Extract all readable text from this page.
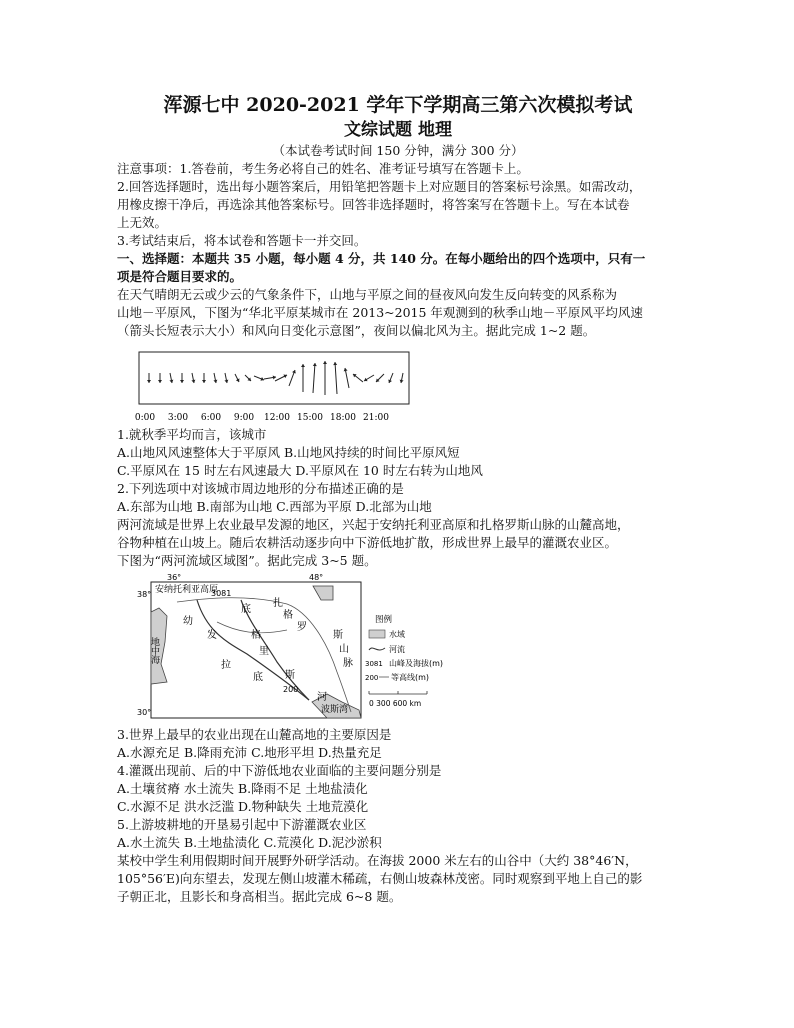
浑源七中 2020-2021 学年下学期高三第六次模拟考试
文综试题 地理
（本试卷考试时间 150 分钟，满分 300 分）

注意事项：1.答卷前，考生务必将自己的姓名、准考证号填写在答题卡上。

2.回答选择题时，选出每小题答案后，用铅笔把答题卡上对应题目的答案标号涂黑。如需改动，

用橡皮擦干净后，再选涂其他答案标号。回答非选择题时，将答案写在答题卡上。写在本试卷

上无效。

3.考试结束后，将本试卷和答题卡一并交回。

一、选择题：本题共 35 小题，每小题 4 分，共 140 分。在每小题给出的四个选项中，只有一

项是符合题目要求的。

在天气晴朗无云或少云的气象条件下，山地与平原之间的昼夜风向发生反向转变的风系称为

山地－平原风，下图为“华北平原某城市在 2013~2015 年观测到的秋季山地－平原风平均风速

（箭头长短表示大小）和风向日变化示意图”，夜间以偏北风为主。据此完成 1~2 题。

0:00 3:00 6:00 9:00 12:00 15:00 18:00 21:00

1.就秋季平均而言，该城市

A.山地风风速整体大于平原风 B.山地风持续的时间比平原风短

C.平原风在 15 时左右风速最大 D.平原风在 10 时左右转为山地风

2.下列选项中对该城市周边地形的分布描述正确的是

A.东部为山地 B.南部为山地 C.西部为平原 D.北部为山地

两河流域是世界上农业最早发源的地区，兴起于安纳托利亚高原和扎格罗斯山脉的山麓高地，

谷物种植在山坡上。随后农耕活动逐步向中下游低地扩散，形成世界上最早的灌溉农业区。

下图为“两河流域区域图”。据此完成 3~5 题。

36°	48°
38°
30°
安纳托利亚高原
地中海
幼
发
拉
底
扎
格
罗
底
格
里
斯
河
斯
山
脉
波斯湾
3081
200
图例
水域
河流
3081 山峰及海拔(m)
200 等高线(m)
0 300 600 km

3.世界上最早的农业出现在山麓高地的主要原因是

A.水源充足 B.降雨充沛 C.地形平坦 D.热量充足

4.灌溉出现前、后的中下游低地农业面临的主要问题分别是

A.土壤贫瘠 水土流失 B.降雨不足 土地盐渍化

C.水源不足 洪水泛滥 D.物种缺失 土地荒漠化

5.上游坡耕地的开垦易引起中下游灌溉农业区

A.水土流失 B.土地盐渍化 C.荒漠化 D.泥沙淤积

某校中学生利用假期时间开展野外研学活动。在海拔 2000 米左右的山谷中（大约 38°46′N，

105°56′E)向东望去，发现左侧山坡灌木稀疏，右侧山坡森林茂密。同时观察到平地上自己的影

子朝正北，且影长和身高相当。据此完成 6~8 题。
